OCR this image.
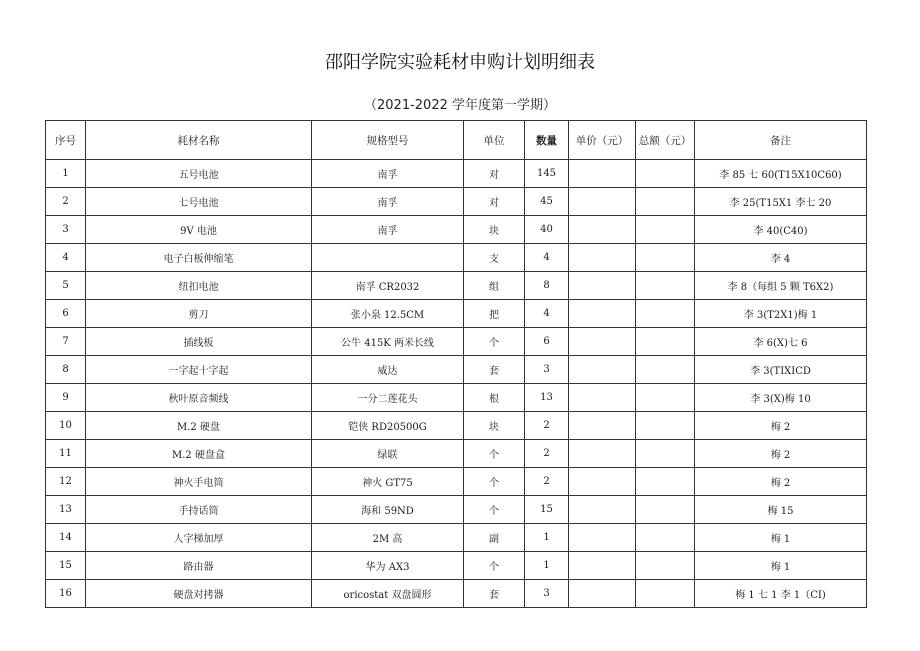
邵阳学院实验耗材申购计划明细表
（2021-2022 学年度第一学期）
序号	耗材名称	规格型号	单位	数量	单价（元）	总额（元）	备注
1	五号电池	南孚	对	145			李 85 七 60(T15X10C60)
2	七号电池	南孚	对	45			李 25(T15X1 李七 20
3	9V 电池	南孚	块	40			李 40(C40)
4	电子白板伸缩笔		支	4			李 4
5	纽扣电池	南孚 CR2032	组	8			李 8（每组 5 颗 T6X2)
6	剪刀	张小泉 12.5CM	把	4			李 3(T2X1)梅 1
7	插线板	公牛 415K 两米长线	个	6			李 6(X)七 6
8	一字起十字起	威达	套	3			李 3(TIXICD
9	秋叶原音频线	一分二莲花头	根	13			李 3(X)梅 10
10	M.2 硬盘	铠侠 RD20500G	块	2			梅 2
11	M.2 硬盘盒	绿联	个	2			梅 2
12	神火手电筒	神火 GT75	个	2			梅 2
13	手持话筒	海和 59ND	个	15			梅 15
14	人字梯加厚	2M 高	副	1			梅 1
15	路由器	华为 AX3	个	1			梅 1
16	硬盘对拷器	oricostat 双盘圆形	套	3			梅 1 七 1 李 1（CI)
